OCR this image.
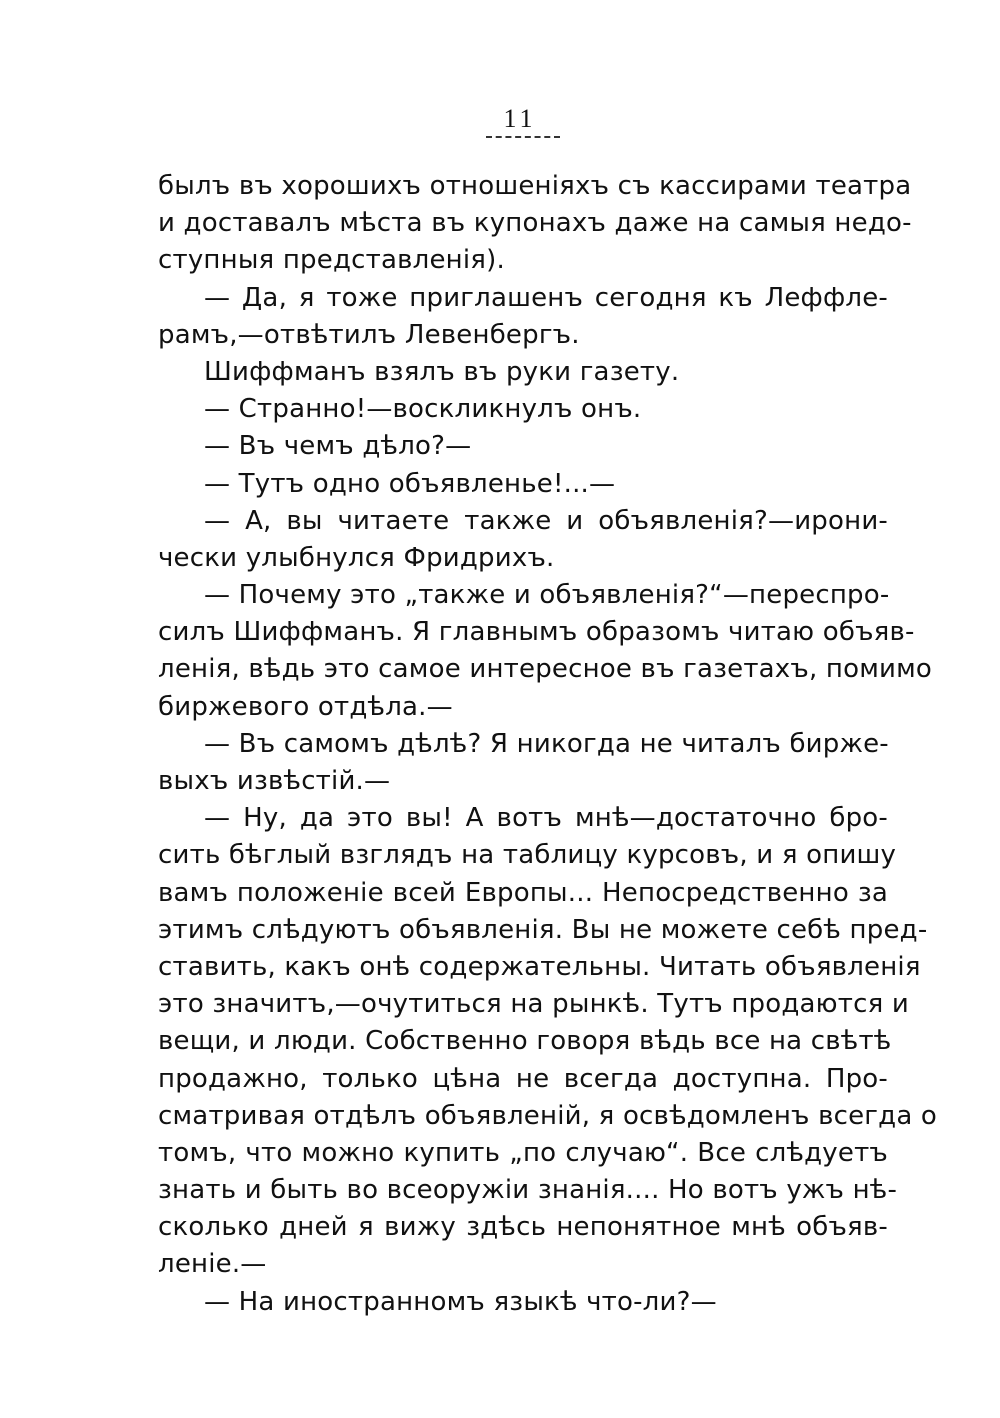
11
былъ въ хорошихъ отношеніяхъ съ кассирами театра
и доставалъ мѣста въ купонахъ даже на самыя недо-
ступныя представленія).
— Да, я тоже приглашенъ сегодня къ Леффле-
рамъ,—отвѣтилъ Левенбергъ.
Шиффманъ взялъ въ руки газету.
— Странно!—воскликнулъ онъ.
— Въ чемъ дѣло?—
— Тутъ одно объявленье!...—
— А, вы читаете также и объявленія?—ирони-
чески улыбнулся Фридрихъ.
— Почему это „также и объявленія?“—переспро-
силъ Шиффманъ. Я главнымъ образомъ читаю объяв-
ленія, вѣдь это самое интересное въ газетахъ, помимо
биржевого отдѣла.—
— Въ самомъ дѣлѣ? Я никогда не читалъ бирже-
выхъ извѣстій.—
— Ну, да это вы! А вотъ мнѣ—достаточно бро-
сить бѣглый взглядъ на таблицу курсовъ, и я опишу
вамъ положеніе всей Европы... Непосредственно за
этимъ слѣдуютъ объявленія. Вы не можете себѣ пред-
ставить, какъ онѣ содержательны. Читать объявленія
это значитъ,—очутиться на рынкѣ. Тутъ продаются и
вещи, и люди. Собственно говоря вѣдь все на свѣтѣ
продажно, только цѣна не всегда доступна. Про-
сматривая отдѣлъ объявленій, я освѣдомленъ всегда о
томъ, что можно купить „по случаю“. Все слѣдуетъ
знать и быть во всеоружіи знанія.... Но вотъ ужъ нѣ-
сколько дней я вижу здѣсь непонятное мнѣ объяв-
леніе.—
— На иностранномъ языкѣ что-ли?—
